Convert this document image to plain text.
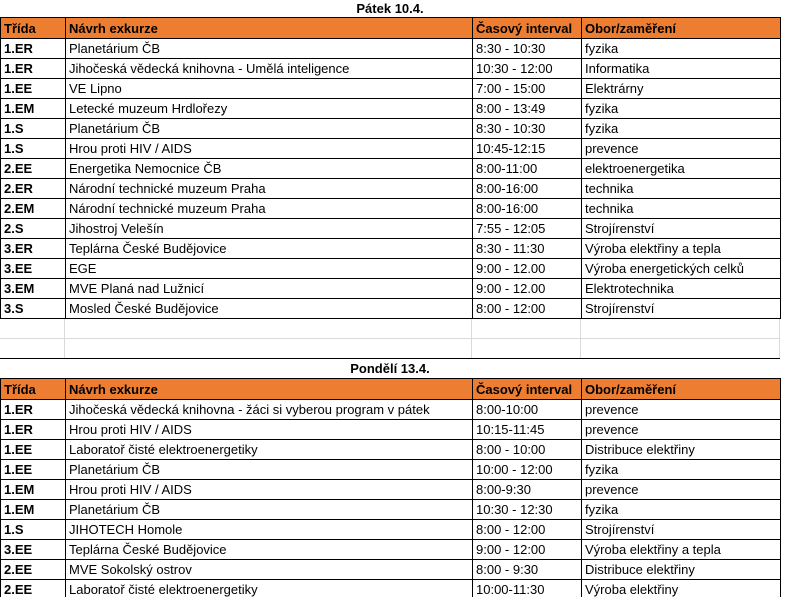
Pátek 10.4.
Třída	Návrh exkurze	Časový interval	Obor/zaměření
1.ER	Planetárium ČB	8:30 - 10:30	fyzika
1.ER	Jihočeská vědecká knihovna - Umělá inteligence	10:30 - 12:00	Informatika
1.EE	VE Lipno	7:00 - 15:00	Elektrárny
1.EM	Letecké muzeum Hrdlořezy	8:00 - 13:49	fyzika
1.S	Planetárium ČB	8:30 - 10:30	fyzika
1.S	Hrou proti HIV / AIDS	10:45-12:15	prevence
2.EE	Energetika Nemocnice ČB	8:00-11:00	elektroenergetika
2.ER	Národní technické muzeum Praha	8:00-16:00	technika
2.EM	Národní technické muzeum Praha	8:00-16:00	technika
2.S	Jihostroj Velešín	7:55 - 12:05	Strojírenství
3.ER	Teplárna České Budějovice	8:30 - 11:30	Výroba elektřiny a tepla
3.EE	EGE	9:00 - 12.00	Výroba energetických celků
3.EM	MVE Planá nad Lužnicí	9:00 - 12.00	Elektrotechnika
3.S	Mosled České Budějovice	8:00 - 12:00	Strojírenství
Pondělí 13.4.
Třída	Návrh exkurze	Časový interval	Obor/zaměření
1.ER	Jihočeská vědecká knihovna - žáci si vyberou program v pátek	8:00-10:00	prevence
1.ER	Hrou proti HIV / AIDS	10:15-11:45	prevence
1.EE	Laboratoř čisté elektroenergetiky	8:00 - 10:00	Distribuce elektřiny
1.EE	Planetárium ČB	10:00 - 12:00	fyzika
1.EM	Hrou proti HIV / AIDS	8:00-9:30	prevence
1.EM	Planetárium ČB	10:30 - 12:30	fyzika
1.S	JIHOTECH Homole	8:00 - 12:00	Strojírenství
3.EE	Teplárna České Budějovice	9:00 - 12:00	Výroba elektřiny a tepla
2.EE	MVE Sokolský ostrov	8:00 - 9:30	Distribuce elektřiny
2.EE	Laboratoř čisté elektroenergetiky	10:00-11:30	Výroba elektřiny
